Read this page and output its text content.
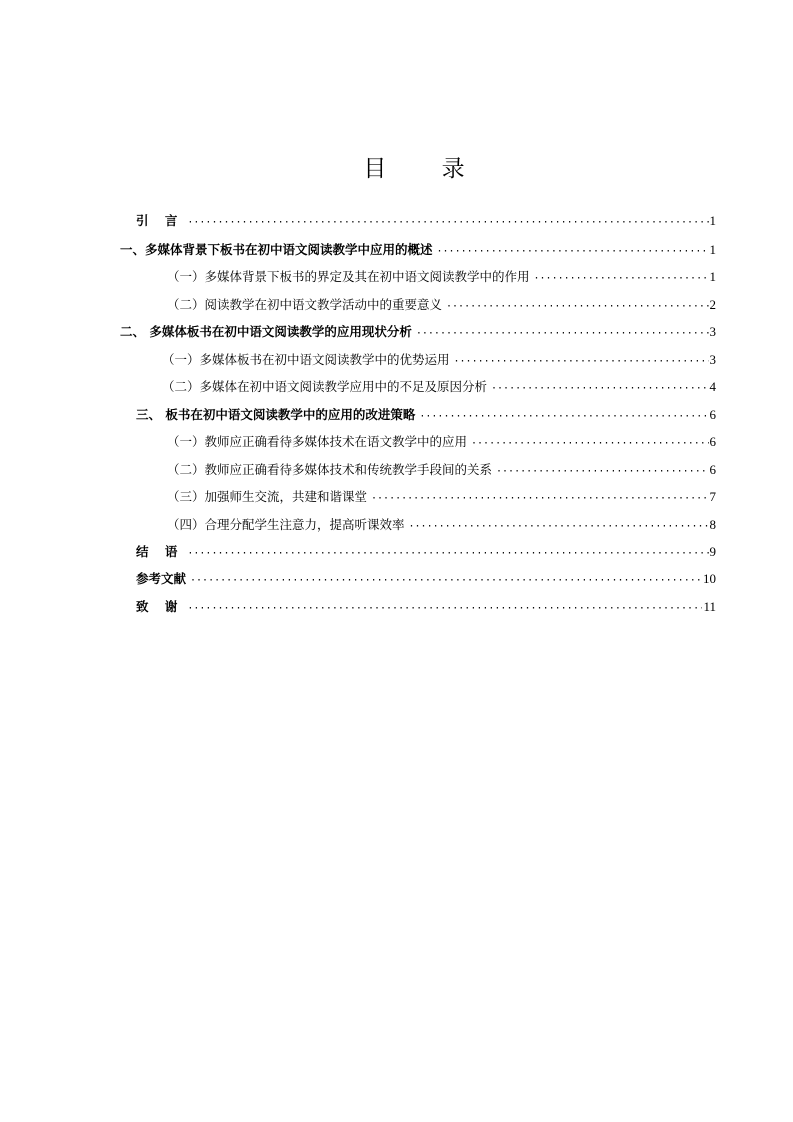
目 录
引 言 ·····	1
一、多媒体背景下板书在初中语文阅读教学中应用的概述 ·····	1
（一）多媒体背景下板书的界定及其在初中语文阅读教学中的作用 ·····	1
（二）阅读教学在初中语文教学活动中的重要意义 ·····	2
二、 多媒体板书在初中语文阅读教学的应用现状分析 ·····	3
（一）多媒体板书在初中语文阅读教学中的优势运用 ·····	3
（二）多媒体在初中语文阅读教学应用中的不足及原因分析 ·····	4
三、 板书在初中语文阅读教学中的应用的改进策略 ·····	6
（一）教师应正确看待多媒体技术在语文教学中的应用 ·····	6
（二）教师应正确看待多媒体技术和传统教学手段间的关系 ·····	6
（三）加强师生交流，共建和谐课堂 ·····	7
（四）合理分配学生注意力，提高听课效率 ·····	8
结 语 ·····	9
参考文献 ·····	10
致 谢 ·····	11
